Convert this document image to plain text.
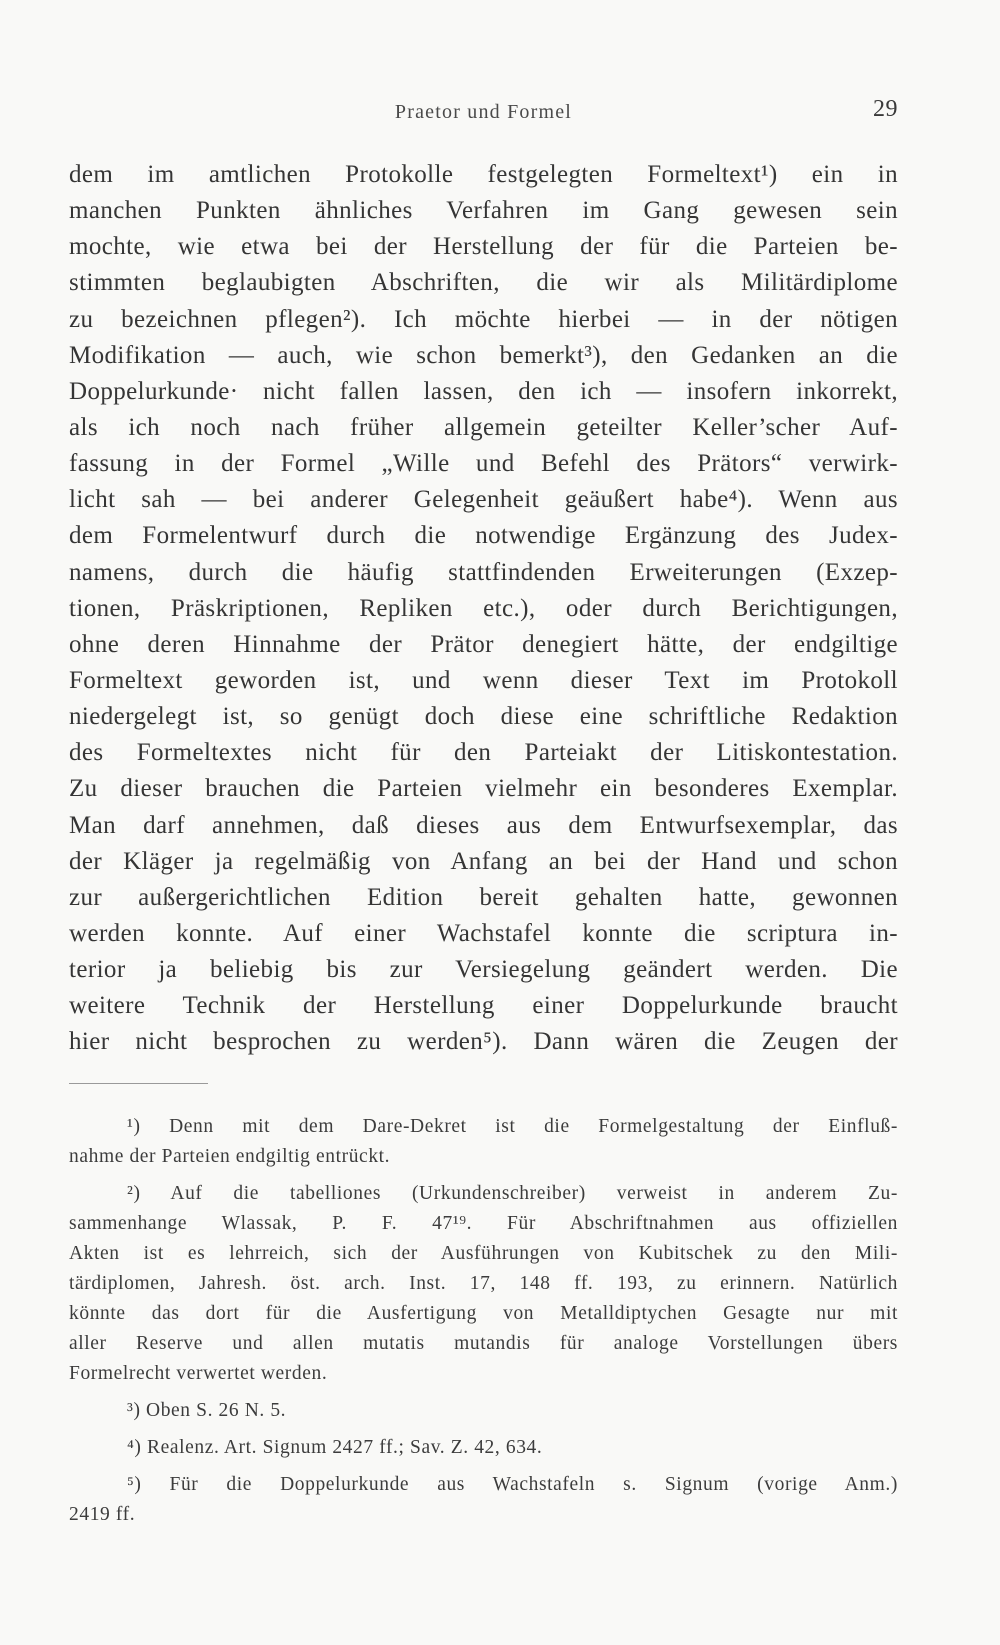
Praetor und Formel	29
dem im amtlichen Protokolle festgelegten Formeltext¹) ein in
manchen Punkten ähnliches Verfahren im Gang gewesen sein
mochte, wie etwa bei der Herstellung der für die Parteien be-
stimmten beglaubigten Abschriften, die wir als Militärdiplome
zu bezeichnen pflegen²). Ich möchte hierbei — in der nötigen
Modifikation — auch, wie schon bemerkt³), den Gedanken an die
Doppelurkunde· nicht fallen lassen, den ich — insofern inkorrekt,
als ich noch nach früher allgemein geteilter Keller’scher Auf-
fassung in der Formel „Wille und Befehl des Prätors“ verwirk-
licht sah — bei anderer Gelegenheit geäußert habe⁴). Wenn aus
dem Formelentwurf durch die notwendige Ergänzung des Judex-
namens, durch die häufig stattfindenden Erweiterungen (Exzep-
tionen, Präskriptionen, Repliken etc.), oder durch Berichtigungen,
ohne deren Hinnahme der Prätor denegiert hätte, der endgiltige
Formeltext geworden ist, und wenn dieser Text im Protokoll
niedergelegt ist, so genügt doch diese eine schriftliche Redaktion
des Formeltextes nicht für den Parteiakt der Litiskontestation.
Zu dieser brauchen die Parteien vielmehr ein besonderes Exemplar.
Man darf annehmen, daß dieses aus dem Entwurfsexemplar, das
der Kläger ja regelmäßig von Anfang an bei der Hand und schon
zur außergerichtlichen Edition bereit gehalten hatte, gewonnen
werden konnte. Auf einer Wachstafel konnte die scriptura in-
terior ja beliebig bis zur Versiegelung geändert werden. Die
weitere Technik der Herstellung einer Doppelurkunde braucht
hier nicht besprochen zu werden⁵). Dann wären die Zeugen der
¹) Denn mit dem Dare-Dekret ist die Formelgestaltung der Einfluß-
nahme der Parteien endgiltig entrückt.
²) Auf die tabelliones (Urkundenschreiber) verweist in anderem Zu-
sammenhange Wlassak, P. F. 47¹⁹. Für Abschriftnahmen aus offiziellen
Akten ist es lehrreich, sich der Ausführungen von Kubitschek zu den Mili-
tärdiplomen, Jahresh. öst. arch. Inst. 17, 148 ff. 193, zu erinnern. Natürlich
könnte das dort für die Ausfertigung von Metalldiptychen Gesagte nur mit
aller Reserve und allen mutatis mutandis für analoge Vorstellungen übers
Formelrecht verwertet werden.
³) Oben S. 26 N. 5.
⁴) Realenz. Art. Signum 2427 ff.; Sav. Z. 42, 634.
⁵) Für die Doppelurkunde aus Wachstafeln s. Signum (vorige Anm.)
2419 ff.
